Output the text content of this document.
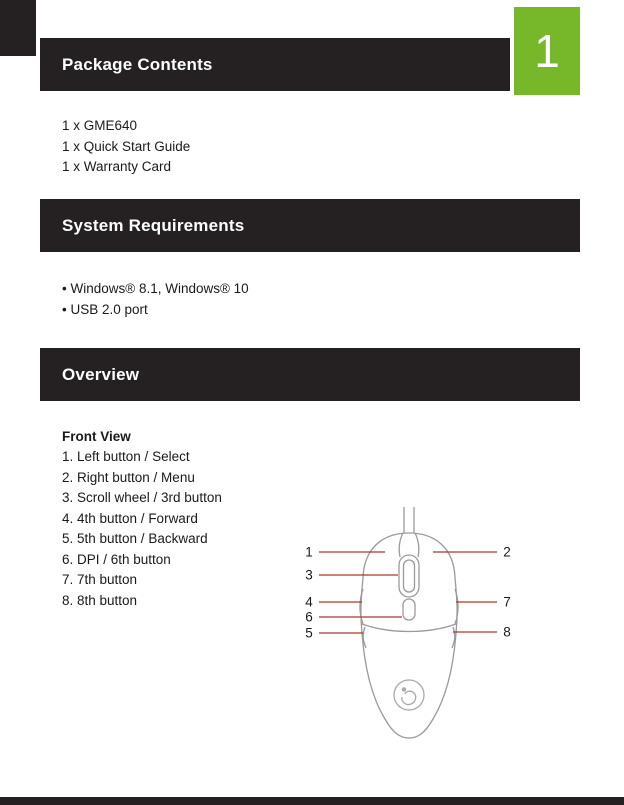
Package Contents	1
1 x GME640
1 x Quick Start Guide
1 x Warranty Card
System Requirements
• Windows® 8.1, Windows® 10
• USB 2.0 port
Overview
Front View
1. Left button / Select
2. Right button / Menu
3. Scroll wheel / 3rd button
4. 4th button / Forward
5. 5th button / Backward
6. DPI / 6th button
7. 7th button
8. 8th button
1	2
3
4
6
5
7
8
